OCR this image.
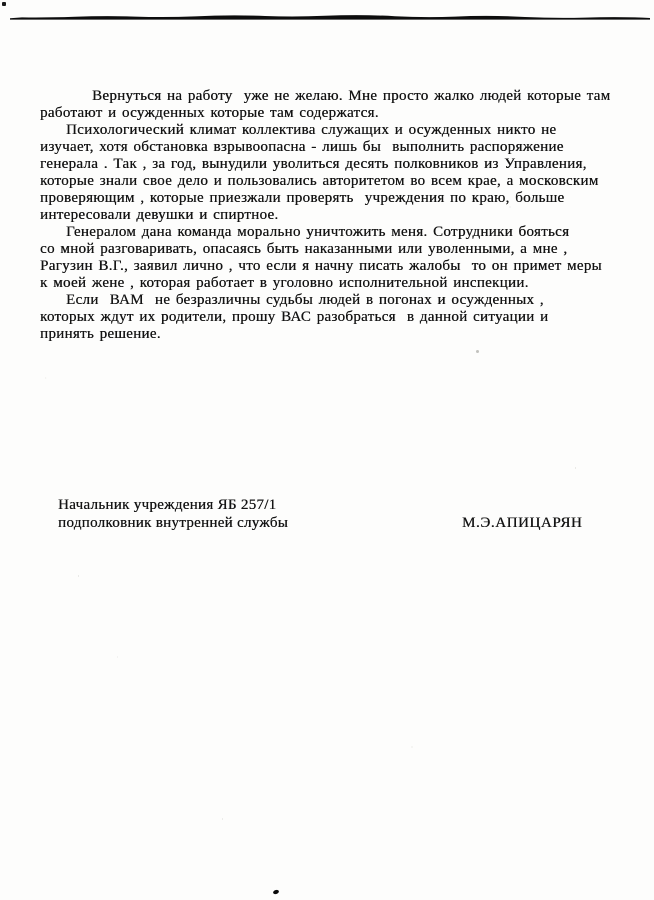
Вернуться на работу  уже не желаю. Мне просто жалко людей которые там
работают и осужденных которые там содержатся.
Психологический климат коллектива служащих и осужденных никто не
изучает, хотя обстановка взрывоопасна - лишь бы  выполнить распоряжение
генерала . Так , за год, вынудили уволиться десять полковников из Управления,
которые знали свое дело и пользовались авторитетом во всем крае, а московским
проверяющим , которые приезжали проверять  учреждения по краю, больше
интересовали девушки и спиртное.
Генералом дана команда морально уничтожить меня. Сотрудники бояться
со мной разговаривать, опасаясь быть наказанными или уволенными, а мне ,
Рагузин В.Г., заявил лично , что если я начну писать жалобы  то он примет меры
к моей жене , которая работает в уголовно исполнительной инспекции.
Если  ВАМ  не безразличны судьбы людей в погонах и осужденных ,
которых ждут их родители, прошу ВАС разобраться  в данной ситуации и
принять решение.
Начальник учреждения ЯБ 257/1
подполковник внутренней службы	М.Э.АПИЦАРЯН
